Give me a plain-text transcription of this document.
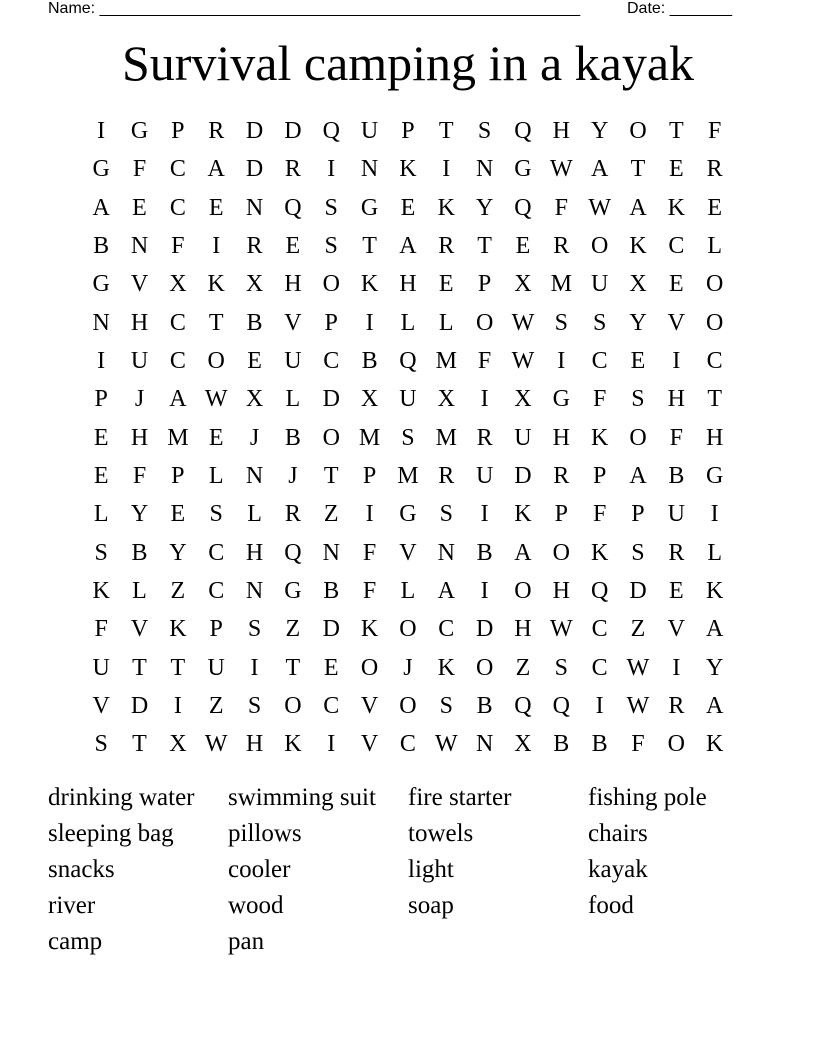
Name: ______________________________________________________	Date: _______
Survival camping in a kayak
I	G P R D D Q U P	T	S Q H Y O T	F
G F C A D R	I	N K	I	N G W A T E R
A E C E N Q S G E K Y Q F W A K E
B N F	I	R E	S	T A R T E R O K C L
G V X K X H O K H E	P X M U X E O
N H C T B V P	I	L L O W S	S Y V O
I	U C O E U C B Q M F W I	C E	I	C
P	J	A W X L D X U X	I	X G F	S H T
E H M E	J	B O M S M R U H K O F H
E	F	P	L N	J	T	P M R U D R P A B G
L Y E	S	L R Z	I	G S	I	K P	F	P U	I
S B Y C H Q N F V N B A O K S R L
K L Z C N G B F	L A	I	O H Q D E K
F V K P	S	Z D K O C D H W C Z V A
U T T U	I	T E O	J	K O Z	S C W I	Y
V D	I	Z	S O C V O S B Q Q	I W R A
S	T X W H K	I	V C W N X B B F O K
drinking water	swimming suit	fire starter	fishing pole
sleeping bag	pillows	towels	chairs
snacks	cooler	light	kayak
river	wood	soap	food
camp	pan
